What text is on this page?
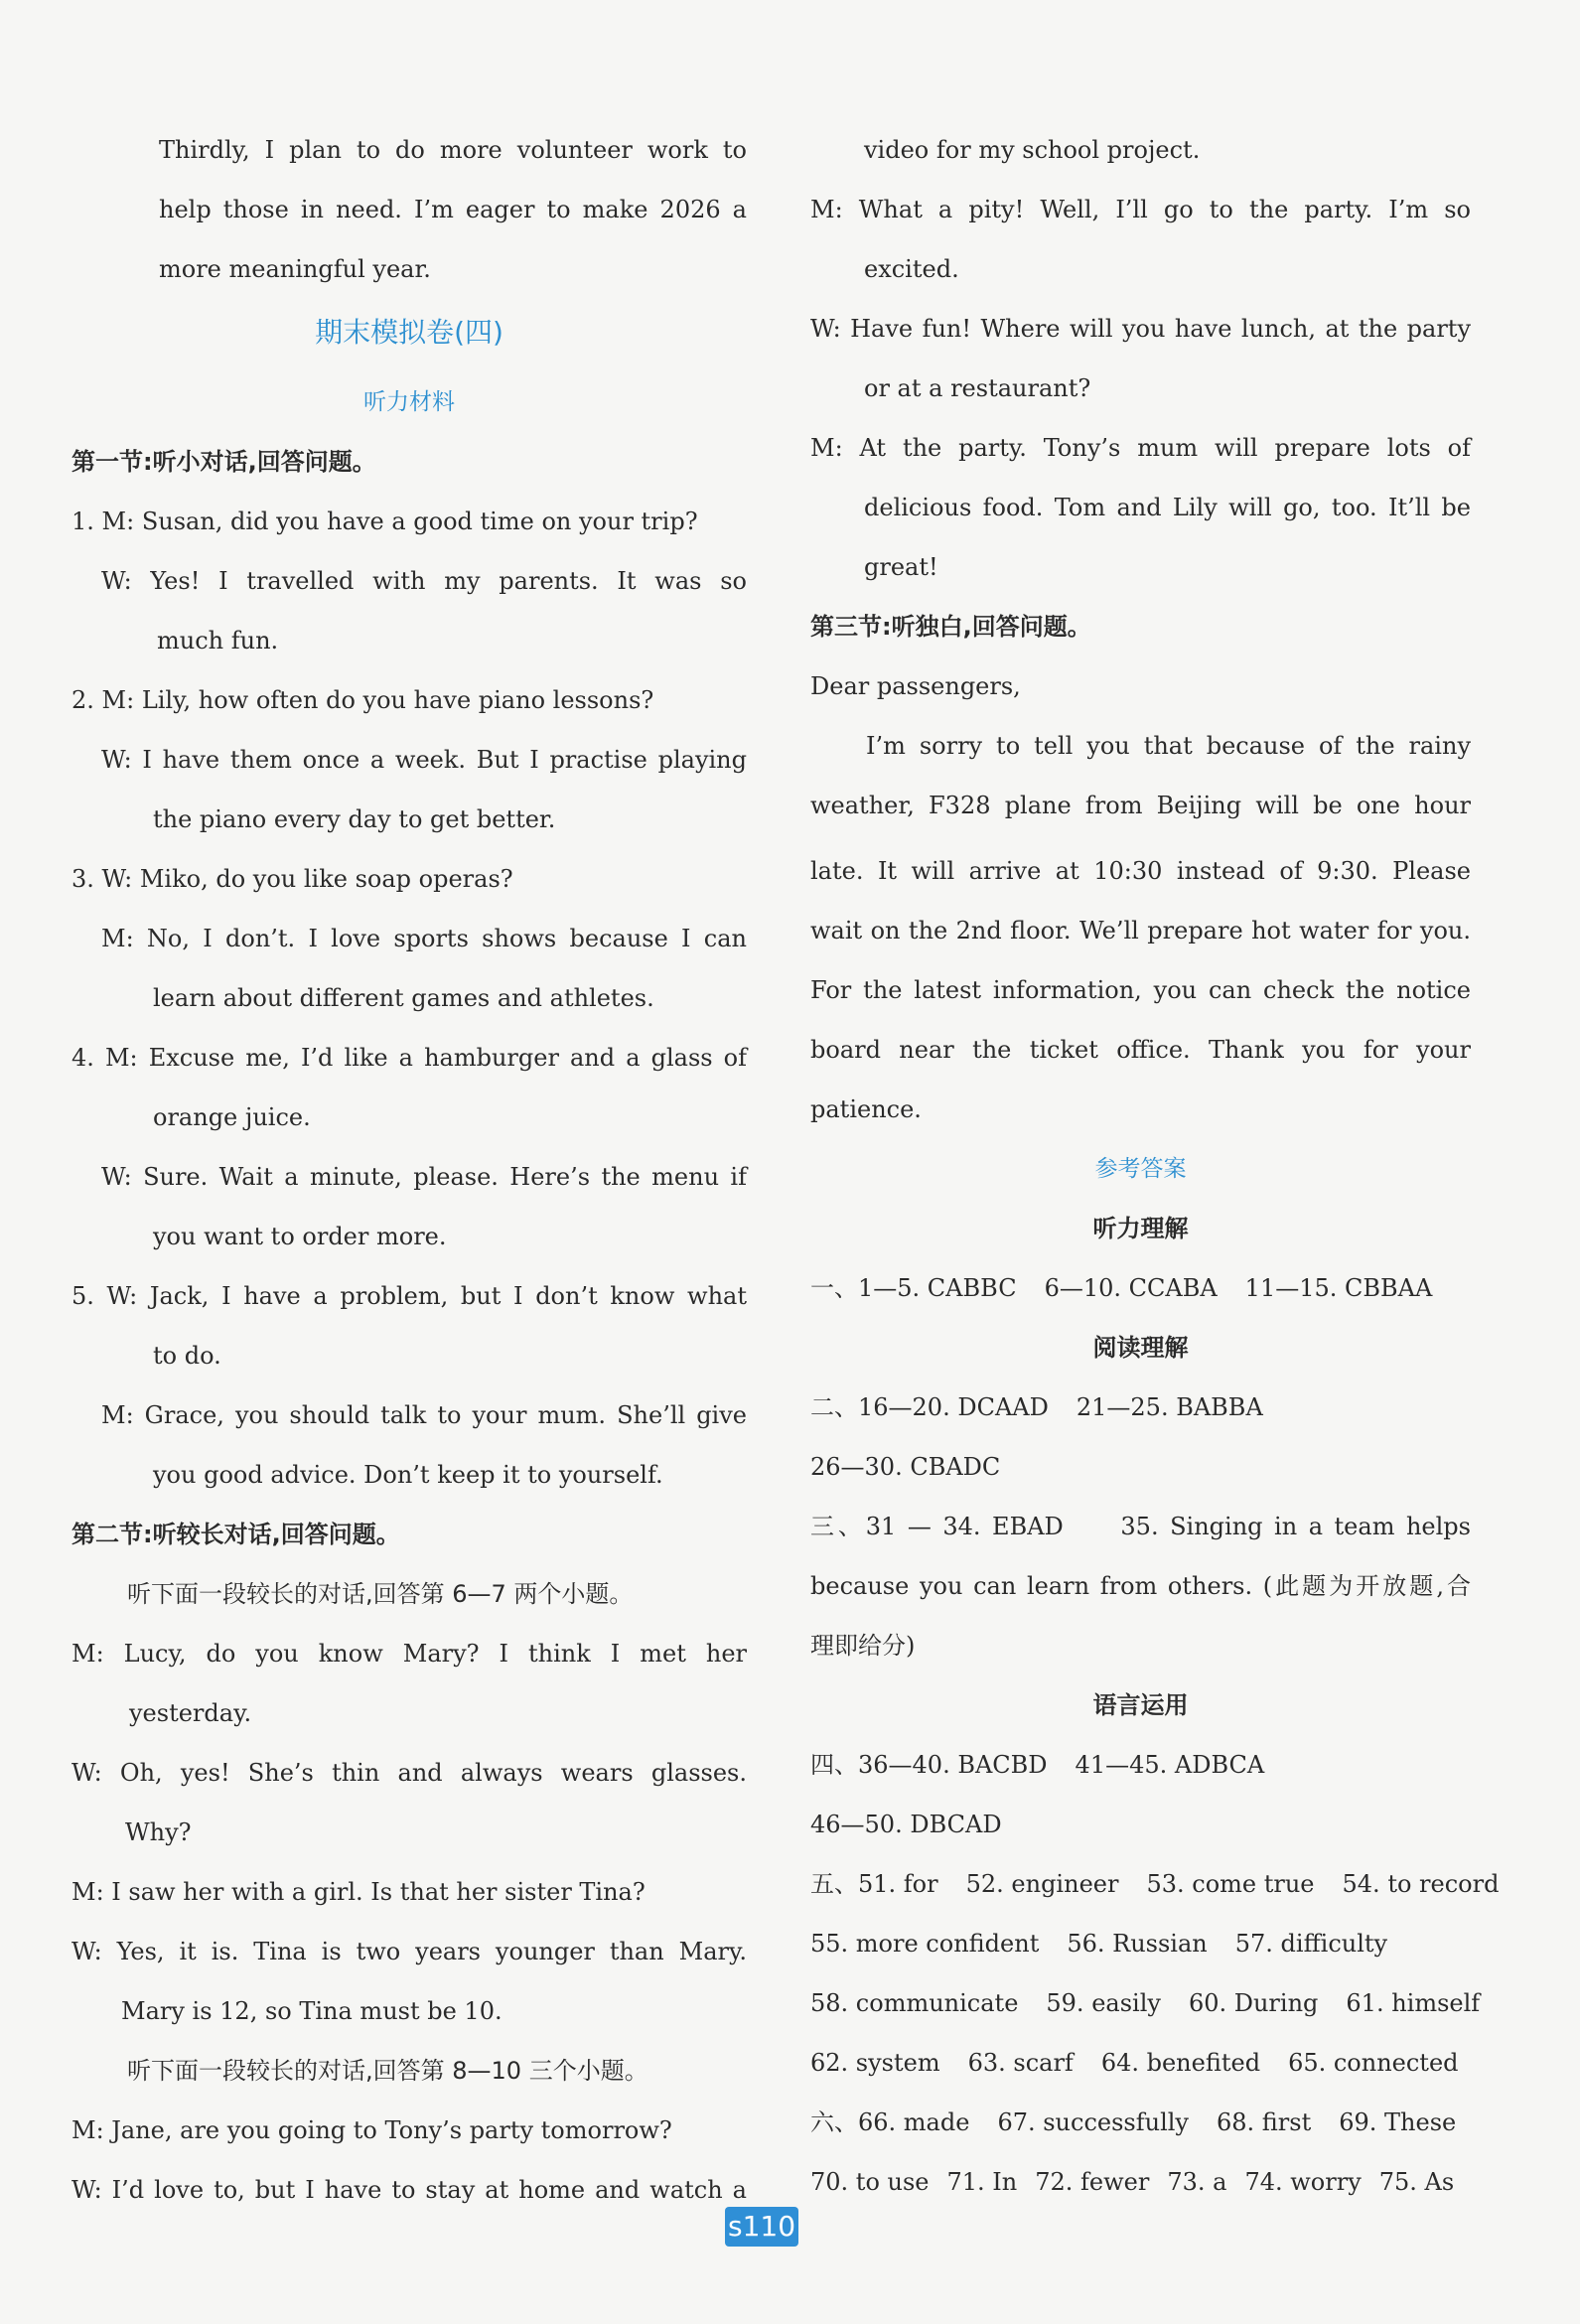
Thirdly, I plan to do more volunteer work to
help those in need. I’m eager to make 2026 a
more meaningful year.
期末模拟卷(四)
听力材料
第一节:听小对话,回答问题。
1. M: Susan, did you have a good time on your trip?
W: Yes! I travelled with my parents. It was so
much fun.
2. M: Lily, how often do you have piano lessons?
W: I have them once a week. But I practise playing
the piano every day to get better.
3. W: Miko, do you like soap operas?
M: No, I don’t. I love sports shows because I can
learn about different games and athletes.
4. M: Excuse me, I’d like a hamburger and a glass of
orange juice.
W: Sure. Wait a minute, please. Here’s the menu if
you want to order more.
5. W: Jack, I have a problem, but I don’t know what
to do.
M: Grace, you should talk to your mum. She’ll give
you good advice. Don’t keep it to yourself.
第二节:听较长对话,回答问题。
听下面一段较长的对话,回答第 6—7 两个小题。
M: Lucy, do you know Mary? I think I met her
yesterday.
W: Oh, yes! She’s thin and always wears glasses.
Why?
M: I saw her with a girl. Is that her sister Tina?
W: Yes, it is. Tina is two years younger than Mary.
Mary is 12, so Tina must be 10.
听下面一段较长的对话,回答第 8—10 三个小题。
M: Jane, are you going to Tony’s party tomorrow?
W: I’d love to, but I have to stay at home and watch a
video for my school project.
M: What a pity! Well, I’ll go to the party. I’m so
excited.
W: Have fun! Where will you have lunch, at the party
or at a restaurant?
M: At the party. Tony’s mum will prepare lots of
delicious food. Tom and Lily will go, too. It’ll be
great!
第三节:听独白,回答问题。
Dear passengers,
I’m sorry to tell you that because of the rainy
weather, F328 plane from Beijing will be one hour
late. It will arrive at 10:30 instead of 9:30. Please
wait on the 2nd floor. We’ll prepare hot water for you.
For the latest information, you can check the notice
board near the ticket office. Thank you for your
patience.
参考答案
听力理解
一、1—5. CABBC 6—10. CCABA 11—15. CBBAA
阅读理解
二、16—20. DCAAD 21—25. BABBA
26—30. CBADC
三、31 — 34. EBAD     35. Singing in a team helps
because you can learn from others. (此题为开放题,合
理即给分)
语言运用
四、36—40. BACBD 41—45. ADBCA
46—50. DBCAD
五、51. for 52. engineer 53. come true 54. to record
55. more confident 56. Russian 57. difficulty
58. communicate 59. easily 60. During 61. himself
62. system 63. scarf 64. benefited 65. connected
六、66. made 67. successfully 68. first 69. These
70. to use 71. In 72. fewer 73. a 74. worry 75. As
s110
